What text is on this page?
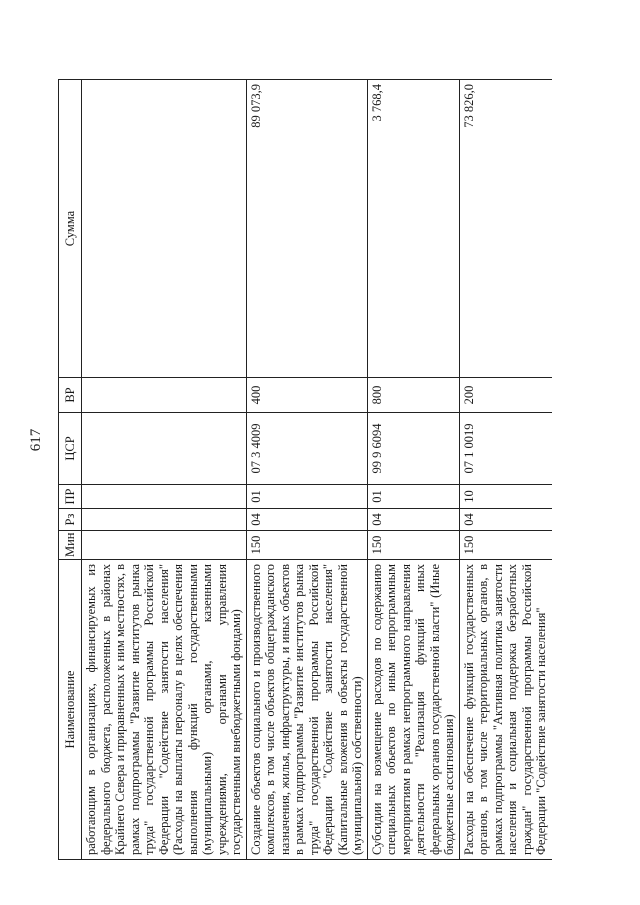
617
Наименование	Мин	Рз	ПР	ЦСР	ВР	Сумма
работающим в организациях, финансируемых из федерального бюджета, расположенных в районах Крайнего Севера и приравненных к ним местностях, в рамках подпрограммы "Развитие институтов рынка труда" государственной программы Российской Федерации "Содействие занятости населения" (Расходы на выплаты персоналу в целях обеспечения выполнения функций государственными (муниципальными) органами, казенными учреждениями, органами управления государственными внебюджетными фондами)						
Создание объектов социального и производственного комплексов, в том числе объектов общегражданского назначения, жилья, инфраструктуры, и иных объектов в рамках подпрограммы "Развитие институтов рынка труда" государственной программы Российской Федерации "Содействие занятости населения" (Капитальные вложения в объекты государственной (муниципальной) собственности)	150	04	01	07 3 4009	400	89 073,9
Субсидии на возмещение расходов по содержанию специальных объектов по иным непрограммным мероприятиям в рамках непрограммного направления деятельности "Реализация функций иных федеральных органов государственной власти" (Иные бюджетные ассигнования)	150	04	01	99 9 6094	800	3 768,4
Расходы на обеспечение функций государственных органов, в том числе территориальных органов, в рамках подпрограммы "Активная политика занятости населения и социальная поддержка безработных граждан" государственной программы Российской Федерации "Содействие занятости населения"	150	04	10	07 1 0019	200	73 826,0
